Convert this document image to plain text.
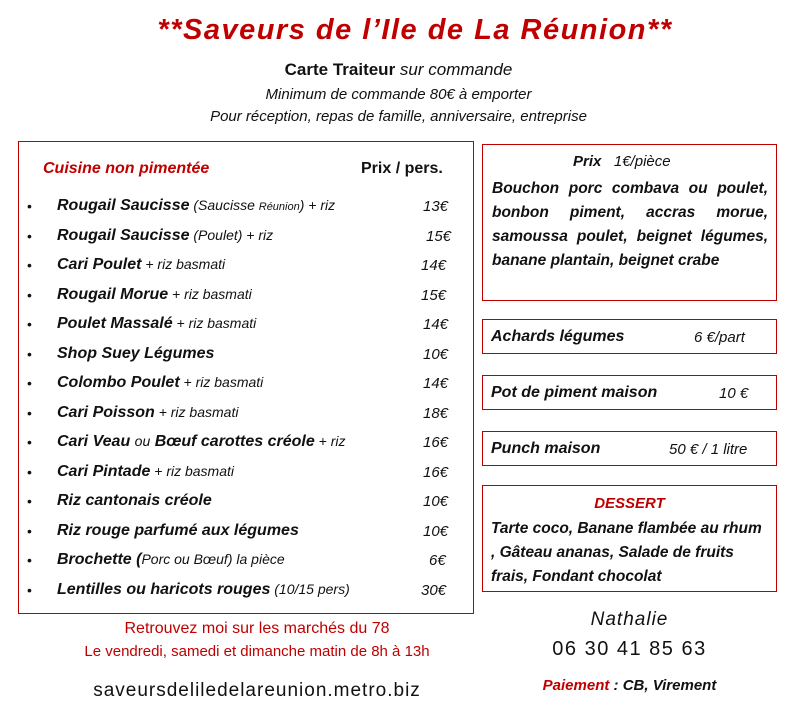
**Saveurs de l’Ile de La Réunion**
Carte Traiteur sur commande
Minimum de commande 80€ à emporter
Pour réception, repas de famille, anniversaire, entreprise
Cuisine non pimentée	Prix / pers.
• Rougail Saucisse (Saucisse Réunion) + riz	13€
• Rougail Saucisse (Poulet) + riz	15€
• Cari Poulet + riz basmati	14€
• Rougail Morue + riz basmati	15€
• Poulet Massalé + riz basmati	14€
• Shop Suey Légumes	10€
• Colombo Poulet + riz basmati	14€
• Cari Poisson + riz basmati	18€
• Cari Veau ou Bœuf carottes créole + riz	16€
• Cari Pintade + riz basmati	16€
• Riz cantonais créole	10€
• Riz rouge parfumé aux légumes	10€
• Brochette (Porc ou Bœuf) la pièce	6€
• Lentilles ou haricots rouges (10/15 pers)	30€
Prix 1€/pièce
Bouchon porc combava ou poulet, bonbon piment, accras morue, samoussa poulet, beignet légumes, banane plantain, beignet crabe
Achards légumes	6 €/part
Pot de piment maison	10 €
Punch maison	50 € / 1 litre
DESSERT
Tarte coco, Banane flambée au rhum , Gâteau ananas, Salade de fruits frais, Fondant chocolat
Retrouvez moi sur les marchés du 78
Le vendredi, samedi et dimanche matin de 8h à 13h
saveursdeliledelareunion.metro.biz
Nathalie
06 30 41 85 63
Paiement : CB, Virement
